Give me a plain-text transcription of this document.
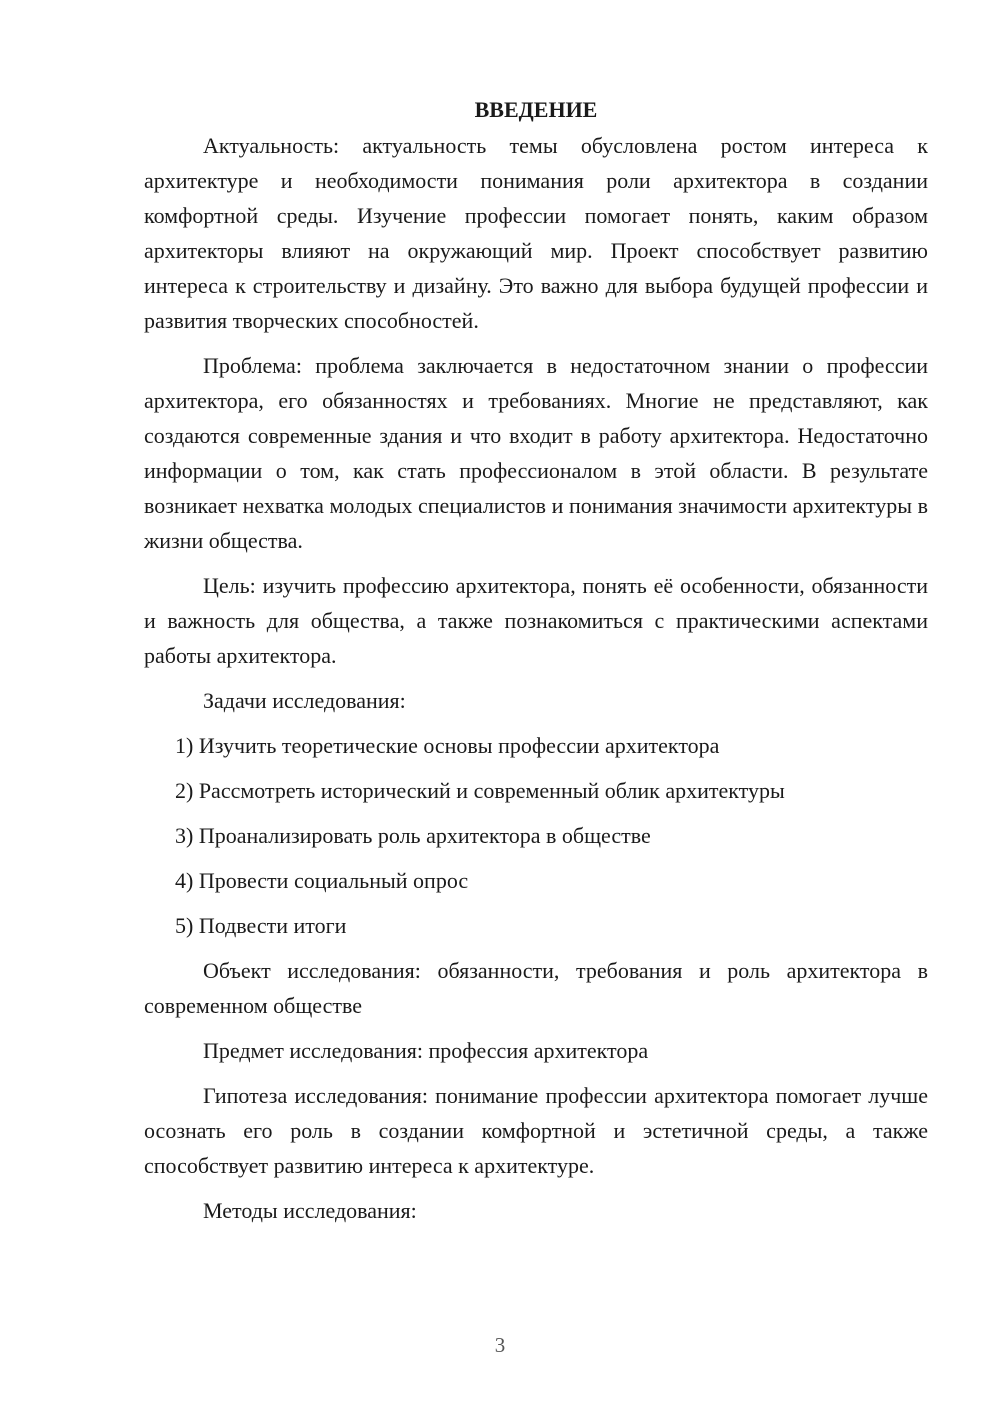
ВВЕДЕНИЕ

Актуальность: актуальность темы обусловлена ростом интереса к архитектуре и необходимости понимания роли архитектора в создании комфортной среды. Изучение профессии помогает понять, каким образом архитекторы влияют на окружающий мир. Проект способствует развитию интереса к строительству и дизайну. Это важно для выбора будущей профессии и развития творческих способностей.

Проблема: проблема заключается в недостаточном знании о профессии архитектора, его обязанностях и требованиях. Многие не представляют, как создаются современные здания и что входит в работу архитектора. Недостаточно информации о том, как стать профессионалом в этой области. В результате возникает нехватка молодых специалистов и понимания значимости архитектуры в жизни общества.

Цель: изучить профессию архитектора, понять её особенности, обязанности и важность для общества, а также познакомиться с практическими аспектами работы архитектора.

Задачи исследования:

1) Изучить теоретические основы профессии архитектора
2) Рассмотреть исторический и современный облик архитектуры
3) Проанализировать роль архитектора в обществе
4) Провести социальный опрос
5) Подвести итоги

Объект исследования: обязанности, требования и роль архитектора в современном обществе

Предмет исследования: профессия архитектора

Гипотеза исследования: понимание профессии архитектора помогает лучше осознать его роль в создании комфортной и эстетичной среды, а также способствует развитию интереса к архитектуре.

Методы исследования:

3
